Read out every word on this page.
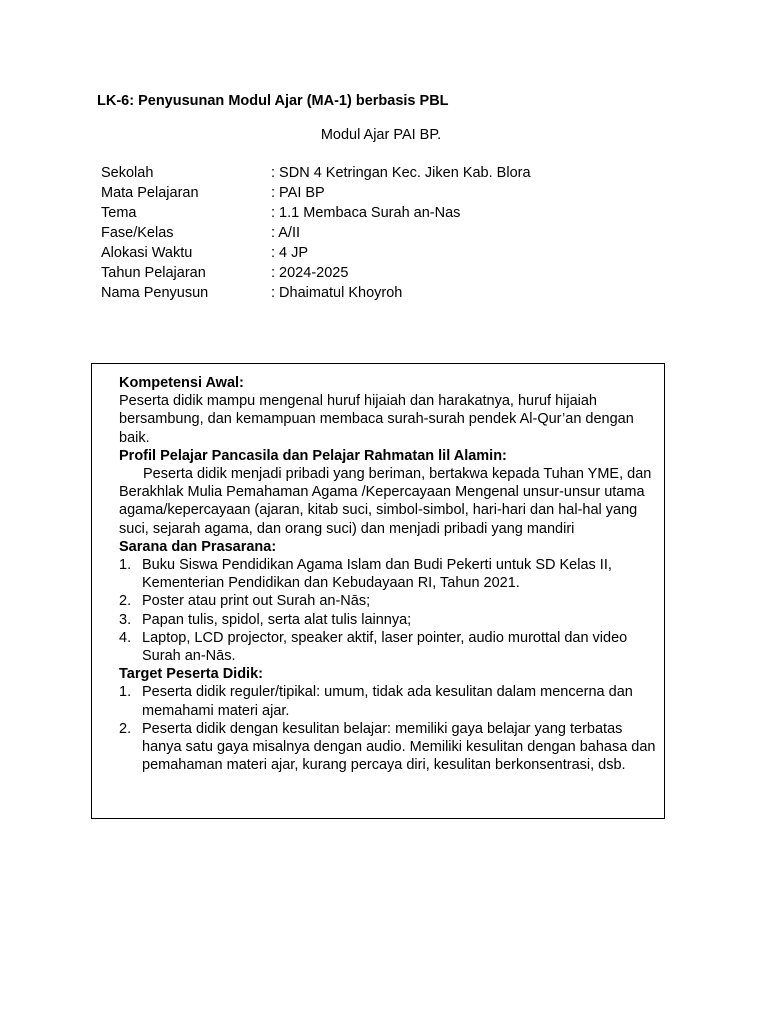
LK-6: Penyusunan Modul Ajar (MA-1) berbasis PBL
Modul Ajar PAI BP.
Sekolah	: SDN 4 Ketringan Kec. Jiken Kab. Blora
Mata Pelajaran	: PAI BP
Tema	: 1.1 Membaca Surah an-Nas
Fase/Kelas	: A/II
Alokasi Waktu	: 4 JP
Tahun Pelajaran	: 2024-2025
Nama Penyusun	: Dhaimatul Khoyroh
Kompetensi Awal:

Peserta didik mampu mengenal huruf hijaiah dan harakatnya, huruf hijaiah bersambung, dan kemampuan membaca surah-surah pendek Al-Qur’an dengan baik.

Profil Pelajar Pancasila dan Pelajar Rahmatan lil Alamin:

Peserta didik menjadi pribadi yang beriman, bertakwa kepada Tuhan YME, dan Berakhlak Mulia Pemahaman Agama /Kepercayaan Mengenal unsur-unsur utama agama/kepercayaan (ajaran, kitab suci, simbol-simbol, hari-hari dan hal-hal yang suci, sejarah agama, dan orang suci) dan menjadi pribadi yang mandiri

Sarana dan Prasarana:
1. Buku Siswa Pendidikan Agama Islam dan Budi Pekerti untuk SD Kelas II, Kementerian Pendidikan dan Kebudayaan RI, Tahun 2021.
2. Poster atau print out Surah an-Nās;
3. Papan tulis, spidol, serta alat tulis lainnya;
4. Laptop, LCD projector, speaker aktif, laser pointer, audio murottal dan video Surah an-Nās.
Target Peserta Didik:
1. Peserta didik reguler/tipikal: umum, tidak ada kesulitan dalam mencerna dan memahami materi ajar.
2. Peserta didik dengan kesulitan belajar: memiliki gaya belajar yang terbatas hanya satu gaya misalnya dengan audio. Memiliki kesulitan dengan bahasa dan pemahaman materi ajar, kurang percaya diri, kesulitan berkonsentrasi, dsb.
